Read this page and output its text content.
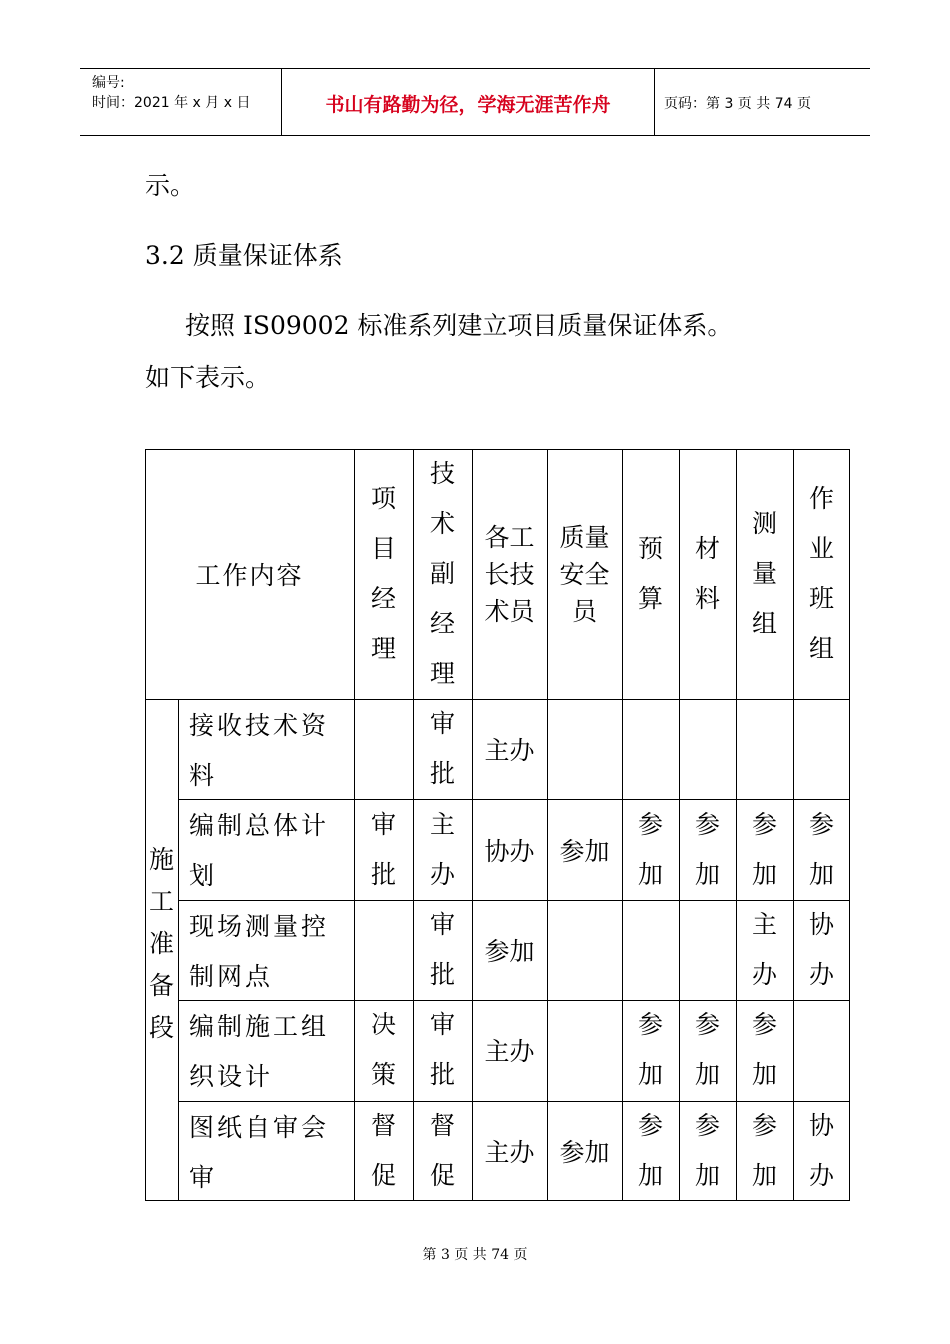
编号:
时间：2021 年 x 月 x 日	书山有路勤为径，学海无涯苦作舟	页码：第 3 页 共 74 页
示。
3.2 质量保证体系
按照 IS09002 标准系列建立项目质量保证体系。
如下表示。
工作内容
项
目
经
理
技
术
副
经
理
各工
长技
术员
质量
安全
员
预
算
材
料
测
量
组
作
业
班
组
施
工
准
备
段
接收技术资
料
审批
主办
编制总体计
划
审批
主办
协办 参加
参加
参加
参加
参加
现场测量控
制网点
审批
参加
主办
协办
编制施工组
织设计
决策
审批
主办
参加
参加
参加
图纸自审会
审
督促
督促
主办 参加
参加
参加
参加
协办
第 3 页 共 74 页
